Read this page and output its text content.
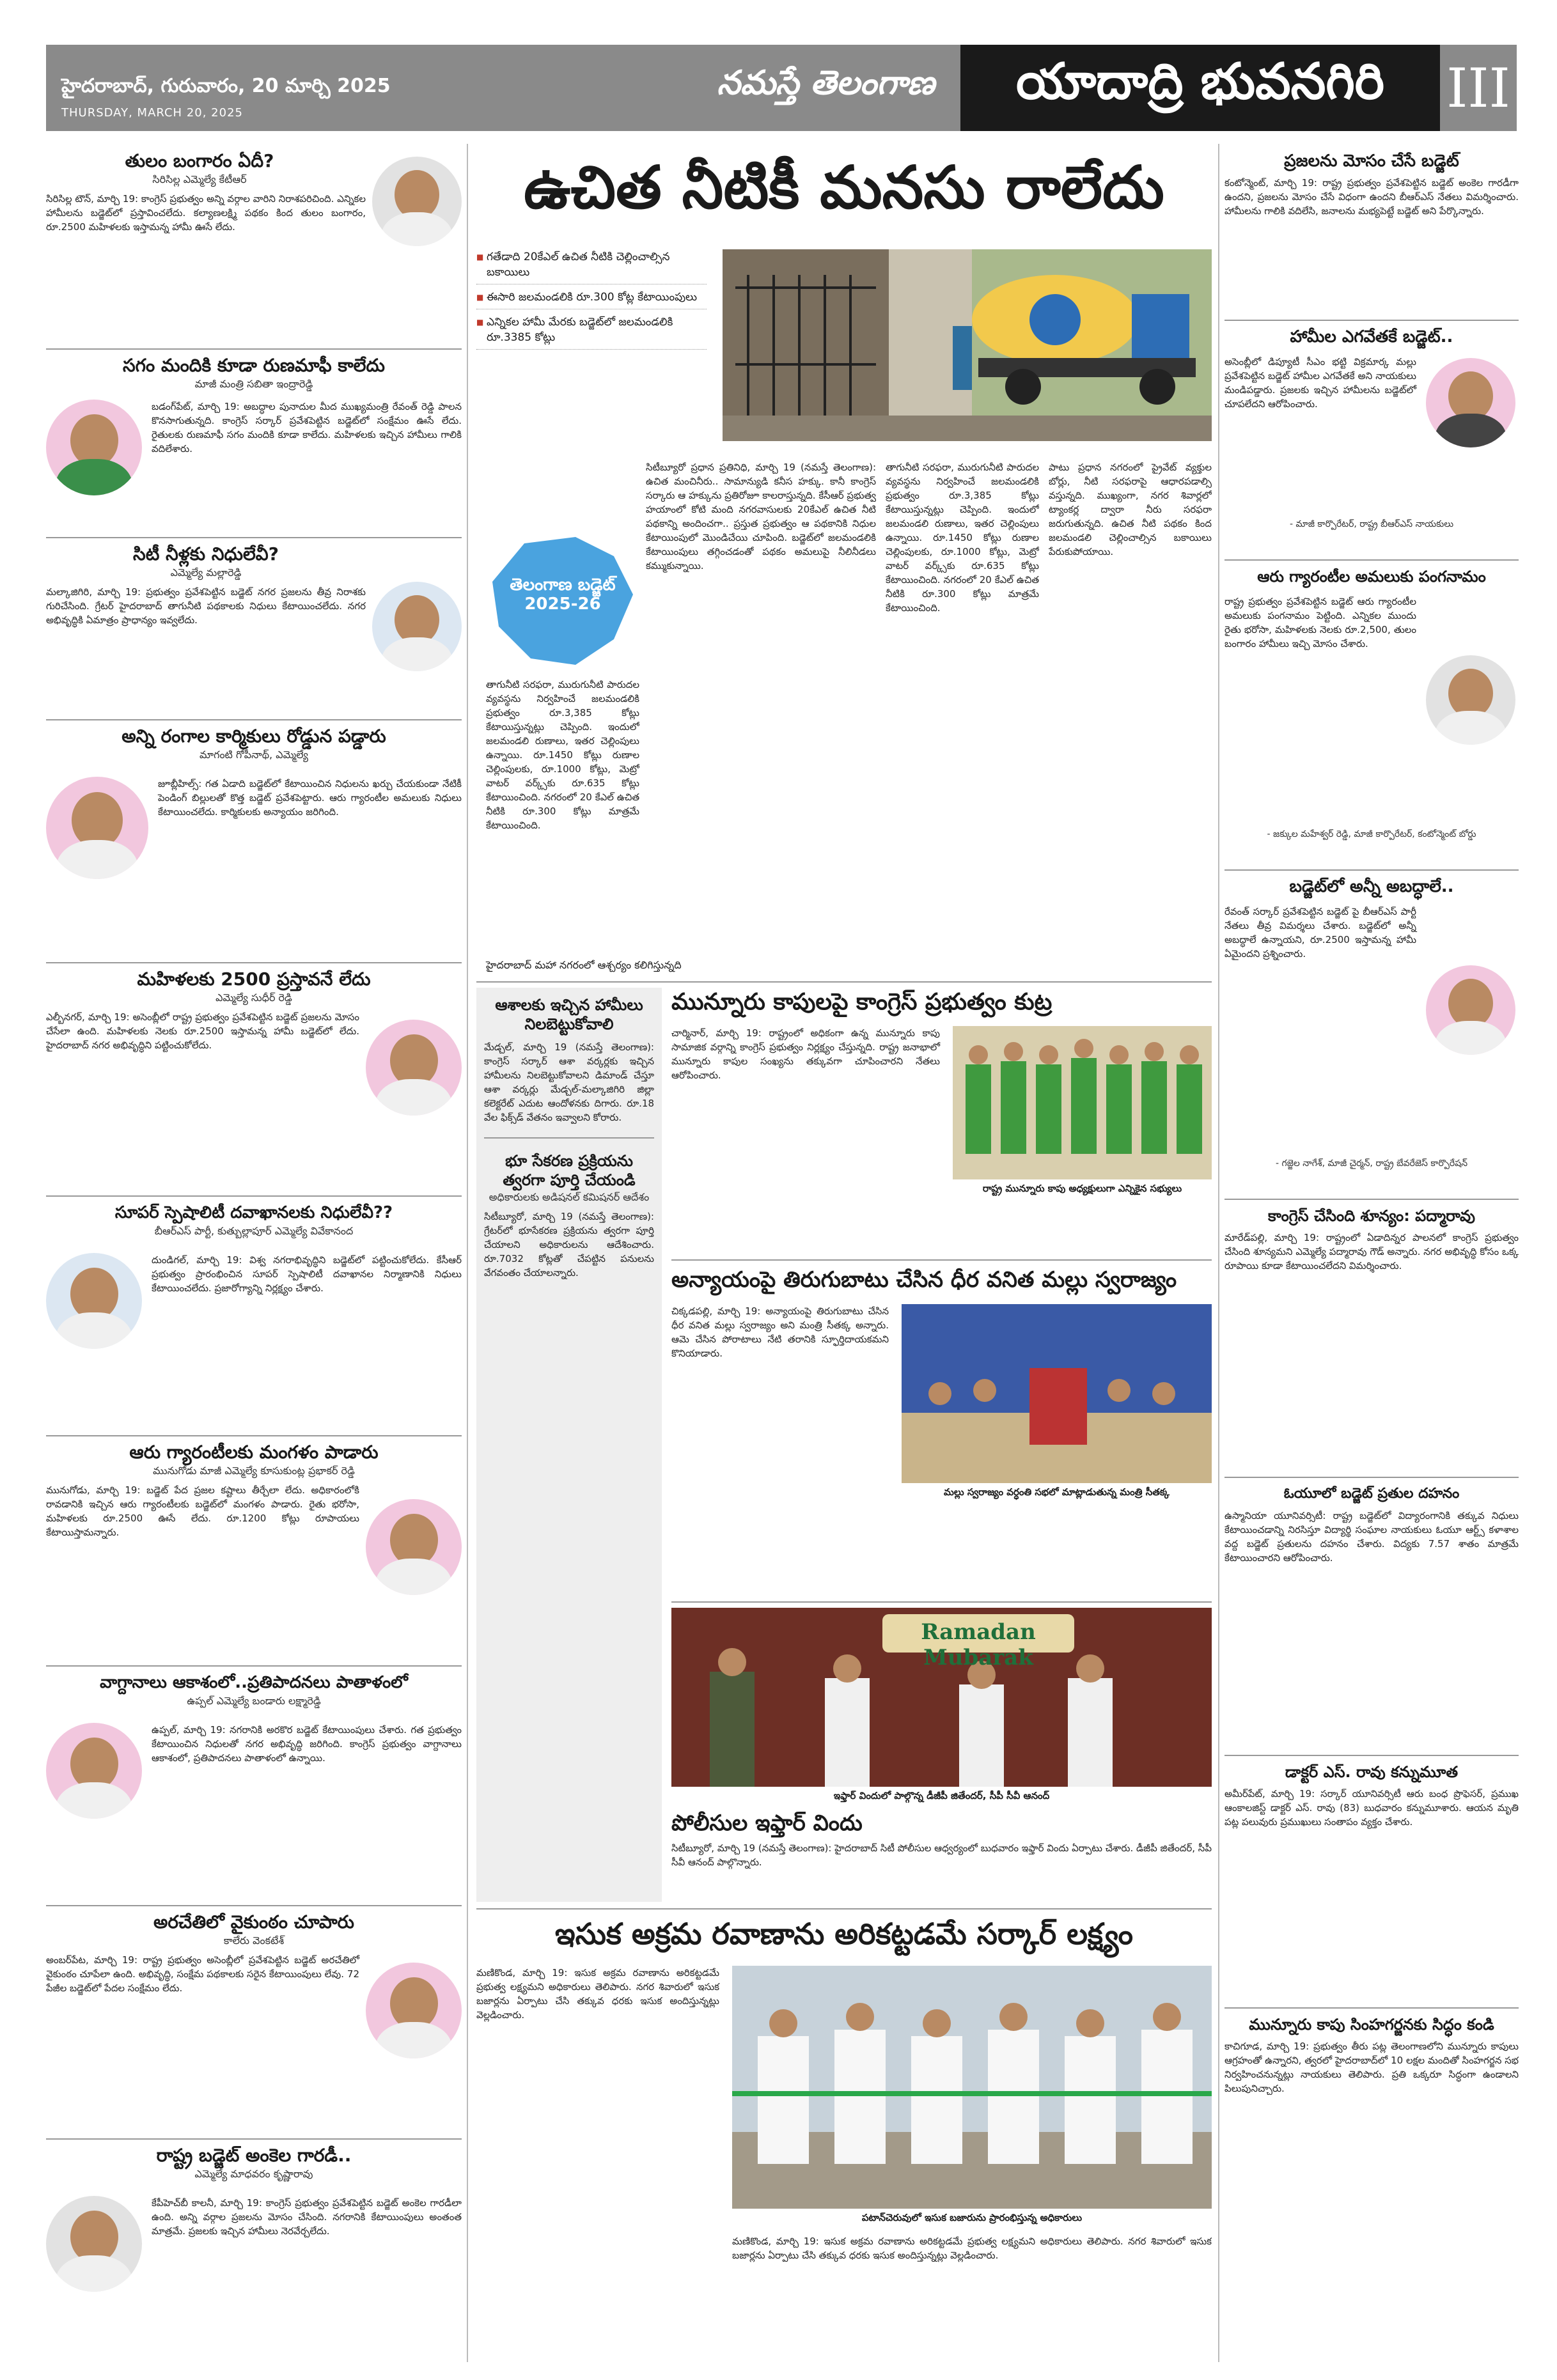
హైదరాబాద్, గురువారం, 20 మార్చి 2025
THURSDAY, MARCH 20, 2025
నమస్తే తెలంగాణ	యాదాద్రి భువనగిరి	III
తులం బంగారం ఏదీ?
సిరిసిల్ల ఎమ్మెల్యే కేటీఆర్
సిరిసిల్ల టౌన్, మార్చి 19: కాంగ్రెస్ ప్రభుత్వం అన్ని వర్గాల వారిని నిరాశపరిచింది. ఎన్నికల హామీలను బడ్జెట్‌లో ప్రస్తావించలేదు. కల్యాణలక్ష్మి పథకం కింద తులం బంగారం, రూ.2500 మహిళలకు ఇస్తామన్న హామీ ఊసే లేదు.
సగం మందికి కూడా రుణమాఫీ కాలేదు
మాజీ మంత్రి సబితా ఇంద్రారెడ్డి
బడంగ్‌పేట్, మార్చి 19: అబద్ధాల పునాదుల మీద ముఖ్యమంత్రి రేవంత్ రెడ్డి పాలన కొనసాగుతున్నది. కాంగ్రెస్ సర్కార్ ప్రవేశపెట్టిన బడ్జెట్‌లో సంక్షేమం ఊసే లేదు. రైతులకు రుణమాఫీ సగం మందికి కూడా కాలేదు. మహిళలకు ఇచ్చిన హామీలు గాలికి వదిలేశారు.
సిటీ నీళ్లకు నిధులేవీ?
ఎమ్మెల్యే మల్లారెడ్డి
మల్కాజిగిరి, మార్చి 19: ప్రభుత్వం ప్రవేశపెట్టిన బడ్జెట్ నగర ప్రజలను తీవ్ర నిరాశకు గురిచేసింది. గ్రేటర్ హైదరాబాద్ తాగునీటి పథకాలకు నిధులు కేటాయించలేదు. నగర అభివృద్ధికి ఏమాత్రం ప్రాధాన్యం ఇవ్వలేదు.
అన్ని రంగాల కార్మికులు రోడ్డున పడ్డారు
మాగంటి గోపీనాథ్, ఎమ్మెల్యే
జూబ్లీహిల్స్: గత ఏడాది బడ్జెట్‌లో కేటాయించిన నిధులను ఖర్చు చేయకుండా నేటికీ పెండింగ్ బిల్లులతో కొత్త బడ్జెట్ ప్రవేశపెట్టారు. ఆరు గ్యారంటీల అమలుకు నిధులు కేటాయించలేదు. కార్మికులకు అన్యాయం జరిగింది.
మహిళలకు 2500 ప్రస్తావనే లేదు
ఎమ్మెల్యే సుధీర్ రెడ్డి
ఎల్బీనగర్, మార్చి 19: అసెంబ్లీలో రాష్ట్ర ప్రభుత్వం ప్రవేశపెట్టిన బడ్జెట్ ప్రజలను మోసం చేసేలా ఉంది. మహిళలకు నెలకు రూ.2500 ఇస్తామన్న హామీ బడ్జెట్‌లో లేదు. హైదరాబాద్ నగర అభివృద్ధిని పట్టించుకోలేదు.
సూపర్ స్పెషాలిటీ దవాఖానలకు నిధులేవీ??
బీఆర్ఎస్ పార్టీ, కుత్బుల్లాపూర్ ఎమ్మెల్యే వివేకానంద
దుండిగల్, మార్చి 19: విశ్వ నగరాభివృద్ధిని బడ్జెట్‌లో పట్టించుకోలేదు. కేసీఆర్ ప్రభుత్వం ప్రారంభించిన సూపర్ స్పెషాలిటీ దవాఖానల నిర్మాణానికి నిధులు కేటాయించలేదు. ప్రజారోగ్యాన్ని నిర్లక్ష్యం చేశారు.
ఆరు గ్యారంటీలకు మంగళం పాడారు
మునుగోడు మాజీ ఎమ్మెల్యే కూసుకుంట్ల ప్రభాకర్ రెడ్డి
మునుగోడు, మార్చి 19: బడ్జెట్ పేద ప్రజల కష్టాలు తీర్చేలా లేదు. అధికారంలోకి రావడానికి ఇచ్చిన ఆరు గ్యారంటీలకు బడ్జెట్‌లో మంగళం పాడారు. రైతు భరోసా, మహిళలకు రూ.2500 ఊసే లేదు. రూ.1200 కోట్లు రూపాయలు కేటాయిస్తామన్నారు.
వాగ్దానాలు ఆకాశంలో..ప్రతిపాదనలు పాతాళంలో
ఉప్పల్ ఎమ్మెల్యే బండారు లక్ష్మారెడ్డి
ఉప్పల్, మార్చి 19: నగరానికి అరకొర బడ్జెట్ కేటాయింపులు చేశారు. గత ప్రభుత్వం కేటాయించిన నిధులతో నగర అభివృద్ధి జరిగింది. కాంగ్రెస్ ప్రభుత్వం వాగ్దానాలు ఆకాశంలో, ప్రతిపాదనలు పాతాళంలో ఉన్నాయి.
అరచేతిలో వైకుంఠం చూపారు
కాలేరు వెంకటేశ్
అంబర్‌పేట, మార్చి 19: రాష్ట్ర ప్రభుత్వం అసెంబ్లీలో ప్రవేశపెట్టిన బడ్జెట్ అరచేతిలో వైకుంఠం చూపేలా ఉంది. అభివృద్ధి, సంక్షేమ పథకాలకు సరైన కేటాయింపులు లేవు. 72 పేజీల బడ్జెట్‌లో పేదల సంక్షేమం లేదు.
రాష్ట్ర బడ్జెట్ అంకెల గారడీ..
ఎమ్మెల్యే మాధవరం కృష్ణారావు
కేపీహెచ్‌బీ కాలనీ, మార్చి 19: కాంగ్రెస్ ప్రభుత్వం ప్రవేశపెట్టిన బడ్జెట్ అంకెల గారడీలా ఉంది. అన్ని వర్గాల ప్రజలను మోసం చేసింది. నగరానికి కేటాయింపులు అంతంత మాత్రమే. ప్రజలకు ఇచ్చిన హామీలు నెరవేర్చలేదు.
ఉచిత నీటికీ మనసు రాలేదు
■ గతేడాది 20కేఎల్ ఉచిత నీటికి చెల్లించాల్సిన బకాయిలు
■ ఈసారి జలమండలికి రూ.300 కోట్ల కేటాయింపులు
■ ఎన్నికల హామీ మేరకు బడ్జెట్‌లో జలమండలికి రూ.3385 కోట్లు
తెలంగాణ బడ్జెట్ 2025-26
సిటీబ్యూరో ప్రధాన ప్రతినిధి, మార్చి 19 (నమస్తే తెలంగాణ): ఉచిత మంచినీరు.. సామాన్యుడి కనీస హక్కు. కానీ కాంగ్రెస్ సర్కారు ఆ హక్కును ప్రతిరోజూ కాలరాస్తున్నది. కేసీఆర్ ప్రభుత్వ హయాంలో కోటి మంది నగరవాసులకు 20కేఎల్ ఉచిత నీటి పథకాన్ని అందించగా.. ప్రస్తుత ప్రభుత్వం ఆ పథకానికి నిధుల కేటాయింపులో మొండిచేయి చూపింది. బడ్జెట్‌లో జలమండలికి కేటాయింపులు తగ్గించడంతో పథకం అమలుపై నీలినీడలు కమ్ముకున్నాయి.
తాగునీటి సరఫరా, మురుగునీటి పారుదల వ్యవస్థను నిర్వహించే జలమండలికి ప్రభుత్వం రూ.3,385 కోట్లు కేటాయిస్తున్నట్లు చెప్పింది. ఇందులో జలమండలి రుణాలు, ఇతర చెల్లింపులు ఉన్నాయి. రూ.1450 కోట్లు రుణాల చెల్లింపులకు, రూ.1000 కోట్లు, మెట్రో వాటర్ వర్క్స్‌కు రూ.635 కోట్లు కేటాయించింది. నగరంలో 20 కేఎల్ ఉచిత నీటికి రూ.300 కోట్లు మాత్రమే కేటాయించింది.
తాగునీటి సరఫరా, మురుగునీటి పారుదల వ్యవస్థను నిర్వహించే జలమండలికి ప్రభుత్వం రూ.3,385 కోట్లు కేటాయిస్తున్నట్లు చెప్పింది. ఇందులో జలమండలి రుణాలు, ఇతర చెల్లింపులు ఉన్నాయి. రూ.1450 కోట్లు రుణాల చెల్లింపులకు, రూ.1000 కోట్లు, మెట్రో వాటర్ వర్క్స్‌కు రూ.635 కోట్లు కేటాయించింది. నగరంలో 20 కేఎల్ ఉచిత నీటికి రూ.300 కోట్లు మాత్రమే కేటాయించింది.
పాటు ప్రధాన నగరంలో ప్రైవేట్ వ్యక్తుల బోర్లు, నీటి సరఫరాపై ఆధారపడాల్సి వస్తున్నది. ముఖ్యంగా, నగర శివార్లలో ట్యాంకర్ల ద్వారా నీరు సరఫరా జరుగుతున్నది. ఉచిత నీటి పథకం కింద జలమండలి చెల్లించాల్సిన బకాయిలు పేరుకుపోయాయి.
హైదరాబాద్ మహా నగరంలో ఆశ్చర్యం కలిగిస్తున్నది
ఆశాలకు ఇచ్చిన హామీలు నిలబెట్టుకోవాలి
మేడ్చల్, మార్చి 19 (నమస్తే తెలంగాణ): కాంగ్రెస్ సర్కార్ ఆశా వర్కర్లకు ఇచ్చిన హామీలను నిలబెట్టుకోవాలని డిమాండ్ చేస్తూ ఆశా వర్కర్లు మేడ్చల్-మల్కాజిగిరి జిల్లా కలెక్టరేట్ ఎదుట ఆందోళనకు దిగారు. రూ.18 వేల ఫిక్స్‌డ్ వేతనం ఇవ్వాలని కోరారు.
భూ సేకరణ ప్రక్రియను త్వరగా పూర్తి చేయండి
అధికారులకు అడిషనల్ కమిషనర్ ఆదేశం
సిటీబ్యూరో, మార్చి 19 (నమస్తే తెలంగాణ): గ్రేటర్‌లో భూసేకరణ ప్రక్రియను త్వరగా పూర్తి చేయాలని అధికారులను ఆదేశించారు. రూ.7032 కోట్లతో చేపట్టిన పనులను వేగవంతం చేయాలన్నారు.
మున్నూరు కాపులపై కాంగ్రెస్ ప్రభుత్వం కుట్ర
చార్మినార్, మార్చి 19: రాష్ట్రంలో అధికంగా ఉన్న మున్నూరు కాపు సామాజిక వర్గాన్ని కాంగ్రెస్ ప్రభుత్వం నిర్లక్ష్యం చేస్తున్నది. రాష్ట్ర జనాభాలో మున్నూరు కాపుల సంఖ్యను తక్కువగా చూపించారని నేతలు ఆరోపించారు.
రాష్ట్ర మున్నూరు కాపు అధ్యక్షులుగా ఎన్నికైన సభ్యులు
అన్యాయంపై తిరుగుబాటు చేసిన ధీర వనిత మల్లు స్వరాజ్యం
చిక్కడపల్లి, మార్చి 19: అన్యాయంపై తిరుగుబాటు చేసిన ధీర వనిత మల్లు స్వరాజ్యం అని మంత్రి సీతక్క అన్నారు. ఆమె చేసిన పోరాటాలు నేటి తరానికి స్ఫూర్తిదాయకమని కొనియాడారు.
మల్లు స్వరాజ్యం వర్ధంతి సభలో మాట్లాడుతున్న మంత్రి సీతక్క
Ramadan Mubarak
ఇఫ్తార్ విందులో పాల్గొన్న డీజీపీ జితేందర్, సీపీ సీవీ ఆనంద్
పోలీసుల ఇఫ్తార్ విందు
సిటీబ్యూరో, మార్చి 19 (నమస్తే తెలంగాణ): హైదరాబాద్ సిటీ పోలీసుల ఆధ్వర్యంలో బుధవారం ఇఫ్తార్ విందు ఏర్పాటు చేశారు. డీజీపీ జితేందర్, సీపీ సీవీ ఆనంద్ పాల్గొన్నారు.
ఇసుక అక్రమ రవాణాను అరికట్టడమే సర్కార్ లక్ష్యం
మణికొండ, మార్చి 19: ఇసుక అక్రమ రవాణాను అరికట్టడమే ప్రభుత్వ లక్ష్యమని అధికారులు తెలిపారు. నగర శివారులో ఇసుక బజార్లను ఏర్పాటు చేసి తక్కువ ధరకు ఇసుక అందిస్తున్నట్లు వెల్లడించారు.
పటాన్‌చెరువులో ఇసుక బజారును ప్రారంభిస్తున్న అధికారులు
మణికొండ, మార్చి 19: ఇసుక అక్రమ రవాణాను అరికట్టడమే ప్రభుత్వ లక్ష్యమని అధికారులు తెలిపారు. నగర శివారులో ఇసుక బజార్లను ఏర్పాటు చేసి తక్కువ ధరకు ఇసుక అందిస్తున్నట్లు వెల్లడించారు.
ప్రజలను మోసం చేసే బడ్జెట్
కంటోన్మెంట్, మార్చి 19: రాష్ట్ర ప్రభుత్వం ప్రవేశపెట్టిన బడ్జెట్ అంకెల గారడీగా ఉందని, ప్రజలను మోసం చేసే విధంగా ఉందని బీఆర్ఎస్ నేతలు విమర్శించారు. హామీలను గాలికి వదిలేసి, జనాలను మభ్యపెట్టే బడ్జెట్ అని పేర్కొన్నారు.
హామీల ఎగవేతకే బడ్జెట్..
అసెంబ్లీలో డిప్యూటీ సీఎం భట్టి విక్రమార్క మల్లు ప్రవేశపెట్టిన బడ్జెట్ హామీల ఎగవేతకే అని నాయకులు మండిపడ్డారు. ప్రజలకు ఇచ్చిన హామీలను బడ్జెట్‌లో చూపలేదని ఆరోపించారు.
- మాజీ కార్పొరేటర్, రాష్ట్ర బీఆర్ఎస్ నాయకులు
ఆరు గ్యారంటీల అమలుకు పంగనామం
రాష్ట్ర ప్రభుత్వం ప్రవేశపెట్టిన బడ్జెట్ ఆరు గ్యారంటీల అమలుకు పంగనామం పెట్టింది. ఎన్నికల ముందు రైతు భరోసా, మహిళలకు నెలకు రూ.2,500, తులం బంగారం హామీలు ఇచ్చి మోసం చేశారు.
- జక్కుల మహేశ్వర్ రెడ్డి, మాజీ కార్పొరేటర్, కంటోన్మెంట్ బోర్డు
బడ్జెట్‌లో అన్నీ అబద్ధాలే..
రేవంత్ సర్కార్ ప్రవేశపెట్టిన బడ్జెట్ పై బీఆర్ఎస్ పార్టీ నేతలు తీవ్ర విమర్శలు చేశారు. బడ్జెట్‌లో అన్నీ అబద్ధాలే ఉన్నాయని, రూ.2500 ఇస్తామన్న హామీ ఏమైందని ప్రశ్నించారు.
- గజ్జెల నాగేశ్, మాజీ చైర్మన్, రాష్ట్ర బేవరేజెస్ కార్పొరేషన్
కాంగ్రెస్ చేసింది శూన్యం: పద్మారావు
మారేడ్‌పల్లి, మార్చి 19: రాష్ట్రంలో ఏడాదిన్నర పాలనలో కాంగ్రెస్ ప్రభుత్వం చేసింది శూన్యమని ఎమ్మెల్యే పద్మారావు గౌడ్ అన్నారు. నగర అభివృద్ధి కోసం ఒక్క రూపాయి కూడా కేటాయించలేదని విమర్శించారు.
ఓయూలో బడ్జెట్ ప్రతుల దహనం
ఉస్మానియా యూనివర్సిటీ: రాష్ట్ర బడ్జెట్‌లో విద్యారంగానికి తక్కువ నిధులు కేటాయించడాన్ని నిరసిస్తూ విద్యార్థి సంఘాల నాయకులు ఓయూ ఆర్ట్స్ కళాశాల వద్ద బడ్జెట్ ప్రతులను దహనం చేశారు. విద్యకు 7.57 శాతం మాత్రమే కేటాయించారని ఆరోపించారు.
డాక్టర్ ఎస్. రావు కన్నుమూత
అమీర్‌పేట్, మార్చి 19: సర్కార్ యూనివర్సిటీ ఆరు బంధ ప్రొఫెసర్, ప్రముఖ ఆంకాలజిస్ట్ డాక్టర్ ఎస్. రావు (83) బుధవారం కన్నుమూశారు. ఆయన మృతి పట్ల పలువురు ప్రముఖులు సంతాపం వ్యక్తం చేశారు.
మున్నూరు కాపు సింహగర్జనకు సిద్ధం కండి
కాచిగూడ, మార్చి 19: ప్రభుత్వం తీరు పట్ల తెలంగాణలోని మున్నూరు కాపులు ఆగ్రహంతో ఉన్నారని, త్వరలో హైదరాబాద్‌లో 10 లక్షల మందితో సింహగర్జన సభ నిర్వహించనున్నట్లు నాయకులు తెలిపారు. ప్రతి ఒక్కరూ సిద్ధంగా ఉండాలని పిలుపునిచ్చారు.
